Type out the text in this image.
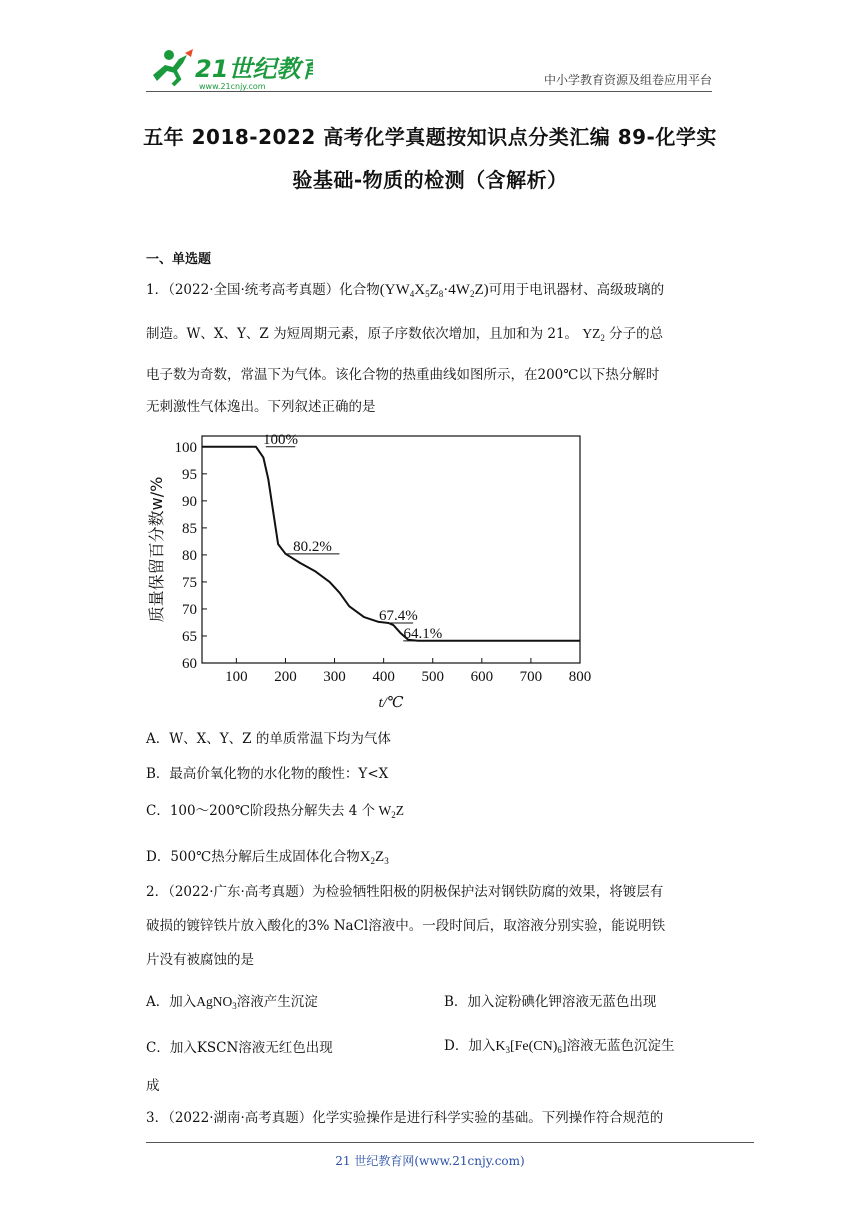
21世纪教育
www.21cnjy.com	中小学教育资源及组卷应用平台
五年 2018-2022 高考化学真题按知识点分类汇编 89-化学实
验基础-物质的检测（含解析）
一、单选题
1．（2022·全国·统考高考真题）化合物$(YW_4X_5Z_8\cdot 4W_2Z)$可用于电讯器材、高级玻璃的
制造。W、X、Y、Z 为短周期元素，原子序数依次增加，且加和为 21。 $YZ_2$ 分子的总
电子数为奇数，常温下为气体。该化合物的热重曲线如图所示，在200℃以下热分解时
无刺激性气体逸出。下列叙述正确的是
100 200 300 400 500 600 700 800
60
65
70
75
80
85
90
95
100	100%
80.2%
67.4%
64.1%
t/℃
质量保留百分数w/%
A．W、X、Y、Z 的单质常温下均为气体
B．最高价氧化物的水化物的酸性：Y<X
C．100～200℃阶段热分解失去 4 个 $W_2Z$
D．500℃热分解后生成固体化合物$X_2Z_3$
2．（2022·广东·高考真题）为检验牺牲阳极的阴极保护法对钢铁防腐的效果，将镀层有
破损的镀锌铁片放入酸化的3% NaCl溶液中。一段时间后，取溶液分别实验，能说明铁
片没有被腐蚀的是
A．加入AgNO$_3$溶液产生沉淀	B．加入淀粉碘化钾溶液无蓝色出现
C．加入KSCN溶液无红色出现	D．加入$K_3[Fe(CN)_6]$溶液无蓝色沉淀生
成
3．（2022·湖南·高考真题）化学实验操作是进行科学实验的基础。下列操作符合规范的
21 世纪教育网(www.21cnjy.com)
